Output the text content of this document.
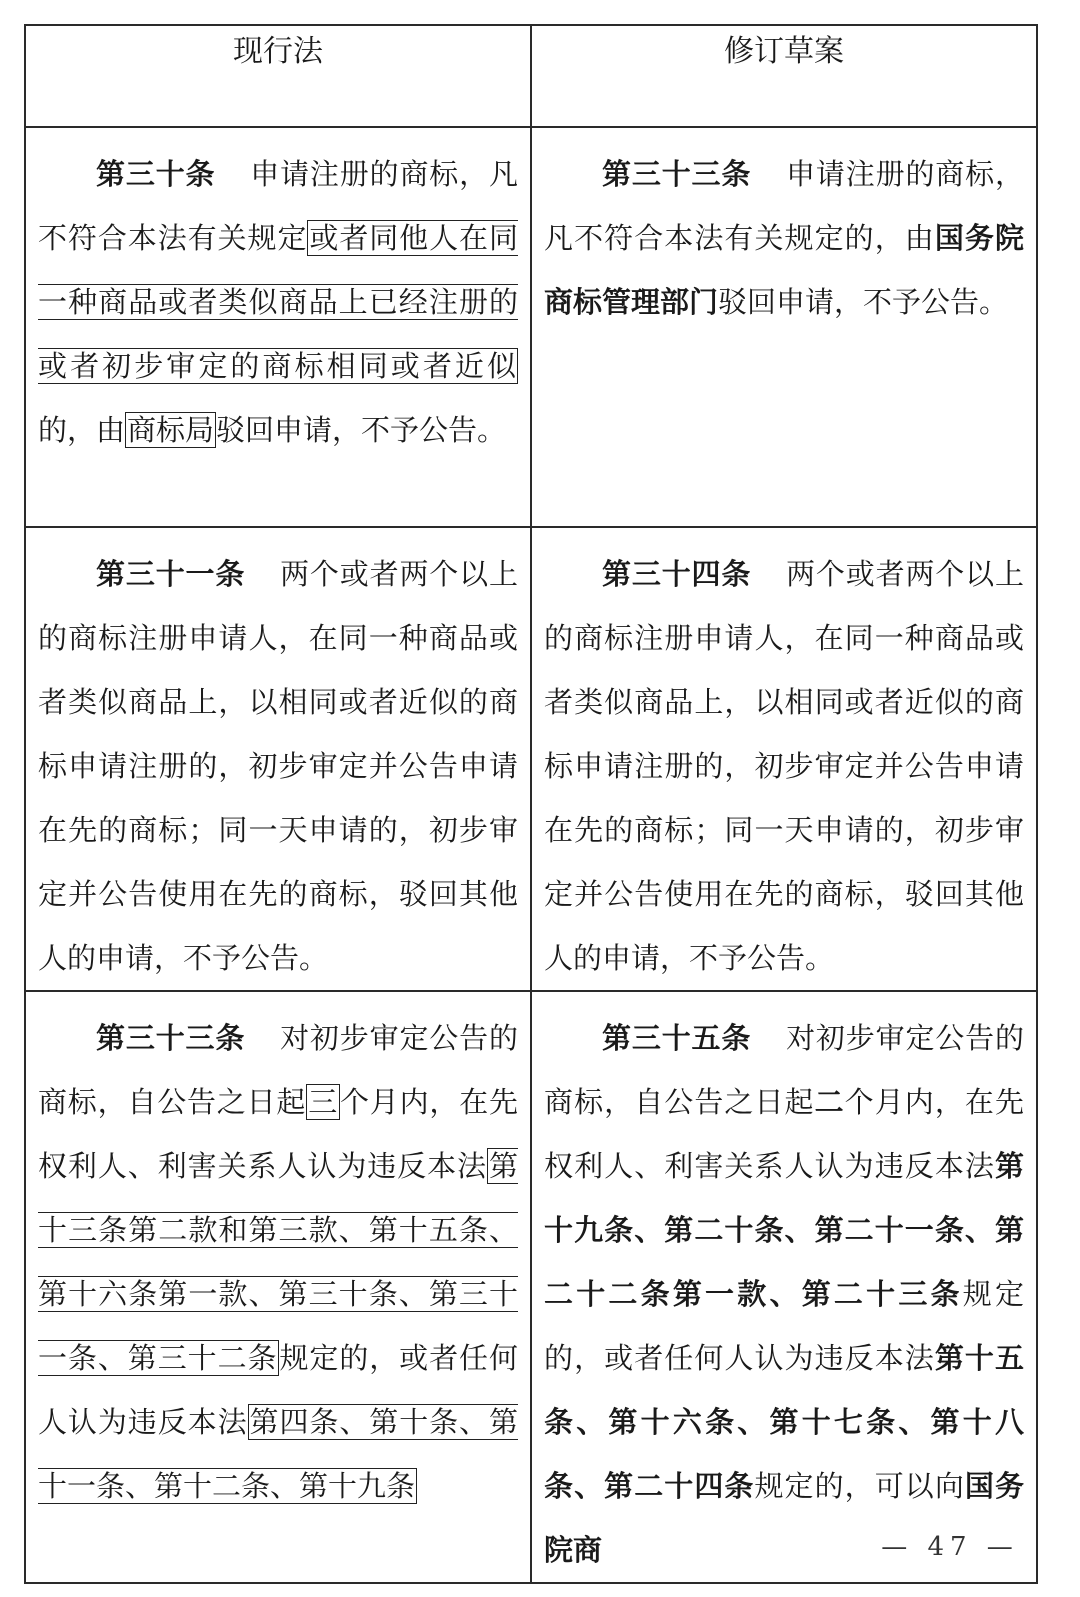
现行法	修订草案

第三十条 申请注册的商标，凡不符合本法有关规定或者同他人在同一种商品或者类似商品上已经注册的或者初步审定的商标相同或者近似的，由商标局驳回申请，不予公告。	第三十三条 申请注册的商标，凡不符合本法有关规定的，由国务院商标管理部门驳回申请，不予公告。

第三十一条 两个或者两个以上的商标注册申请人，在同一种商品或者类似商品上，以相同或者近似的商标申请注册的，初步审定并公告申请在先的商标；同一天申请的，初步审定并公告使用在先的商标，驳回其他人的申请，不予公告。	第三十四条 两个或者两个以上的商标注册申请人，在同一种商品或者类似商品上，以相同或者近似的商标申请注册的，初步审定并公告申请在先的商标；同一天申请的，初步审定并公告使用在先的商标，驳回其他人的申请，不予公告。

第三十三条 对初步审定公告的商标，自公告之日起三个月内，在先权利人、利害关系人认为违反本法第十三条第二款和第三款、第十五条、第十六条第一款、第三十条、第三十一条、第三十二条规定的，或者任何人认为违反本法第四条、第十条、第十一条、第十二条、第十九条	第三十五条 对初步审定公告的商标，自公告之日起二个月内，在先权利人、利害关系人认为违反本法第十九条、第二十条、第二十一条、第二十二条第一款、第二十三条规定的，或者任何人认为违反本法第十五条、第十六条、第十七条、第十八条、第二十四条规定的，可以向国务院商	— 47 —
